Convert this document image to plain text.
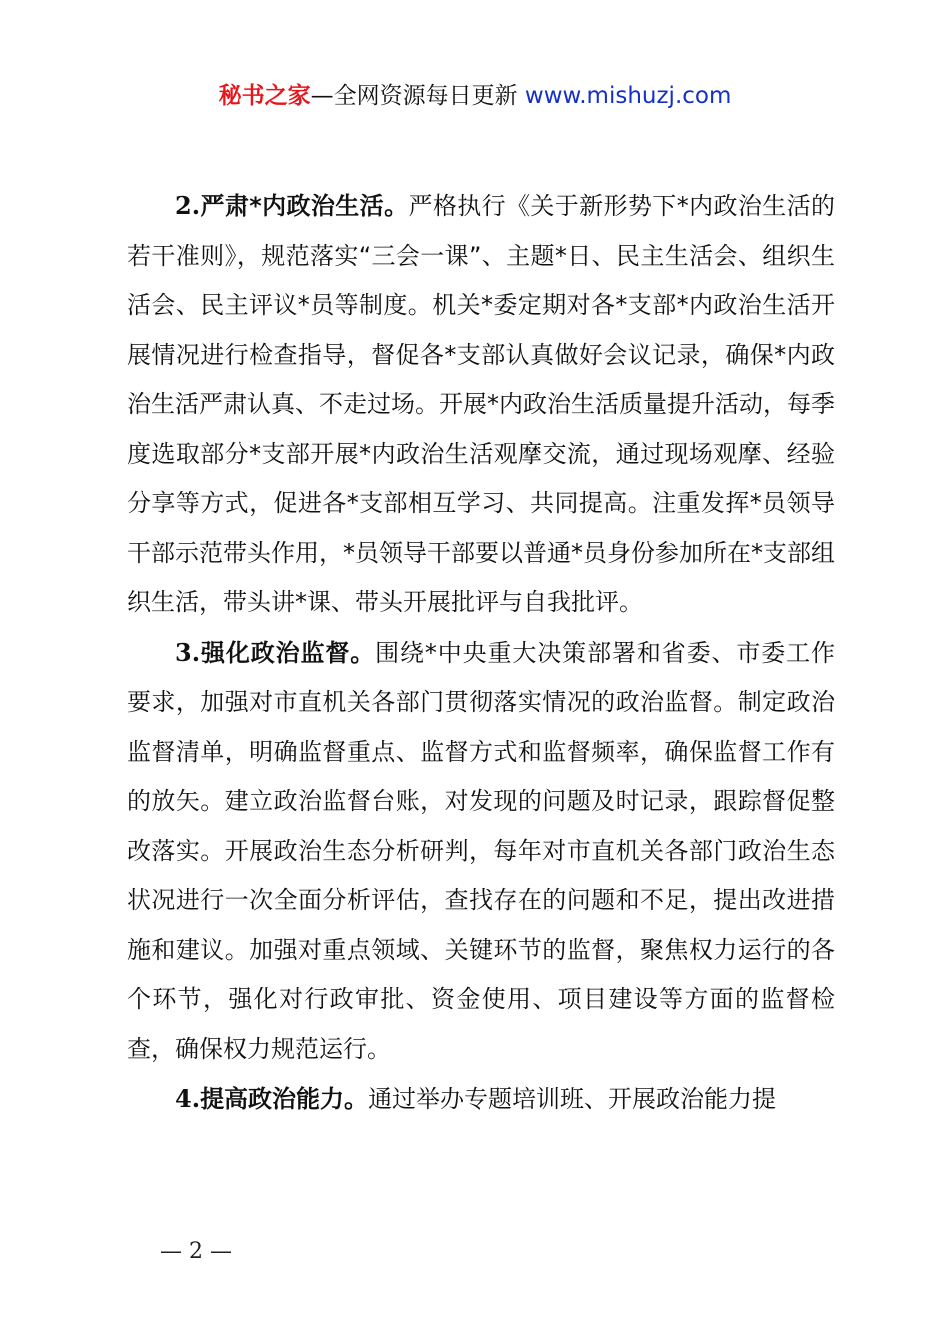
秘书之家—全网资源每日更新 www.mishuzj.com

2.严肃*内政治生活。严格执行《关于新形势下*内政治生活的若干准则》，规范落实“三会一课”、主题*日、民主生活会、组织生活会、民主评议*员等制度。机关*委定期对各*支部*内政治生活开展情况进行检查指导，督促各*支部认真做好会议记录，确保*内政治生活严肃认真、不走过场。开展*内政治生活质量提升活动，每季度选取部分*支部开展*内政治生活观摩交流，通过现场观摩、经验分享等方式，促进各*支部相互学习、共同提高。注重发挥*员领导干部示范带头作用，*员领导干部要以普通*员身份参加所在*支部组织生活，带头讲*课、带头开展批评与自我批评。

3.强化政治监督。围绕*中央重大决策部署和省委、市委工作要求，加强对市直机关各部门贯彻落实情况的政治监督。制定政治监督清单，明确监督重点、监督方式和监督频率，确保监督工作有的放矢。建立政治监督台账，对发现的问题及时记录，跟踪督促整改落实。开展政治生态分析研判，每年对市直机关各部门政治生态状况进行一次全面分析评估，查找存在的问题和不足，提出改进措施和建议。加强对重点领域、关键环节的监督，聚焦权力运行的各个环节，强化对行政审批、资金使用、项目建设等方面的监督检查，确保权力规范运行。

4.提高政治能力。通过举办专题培训班、开展政治能力提

— 2 —
